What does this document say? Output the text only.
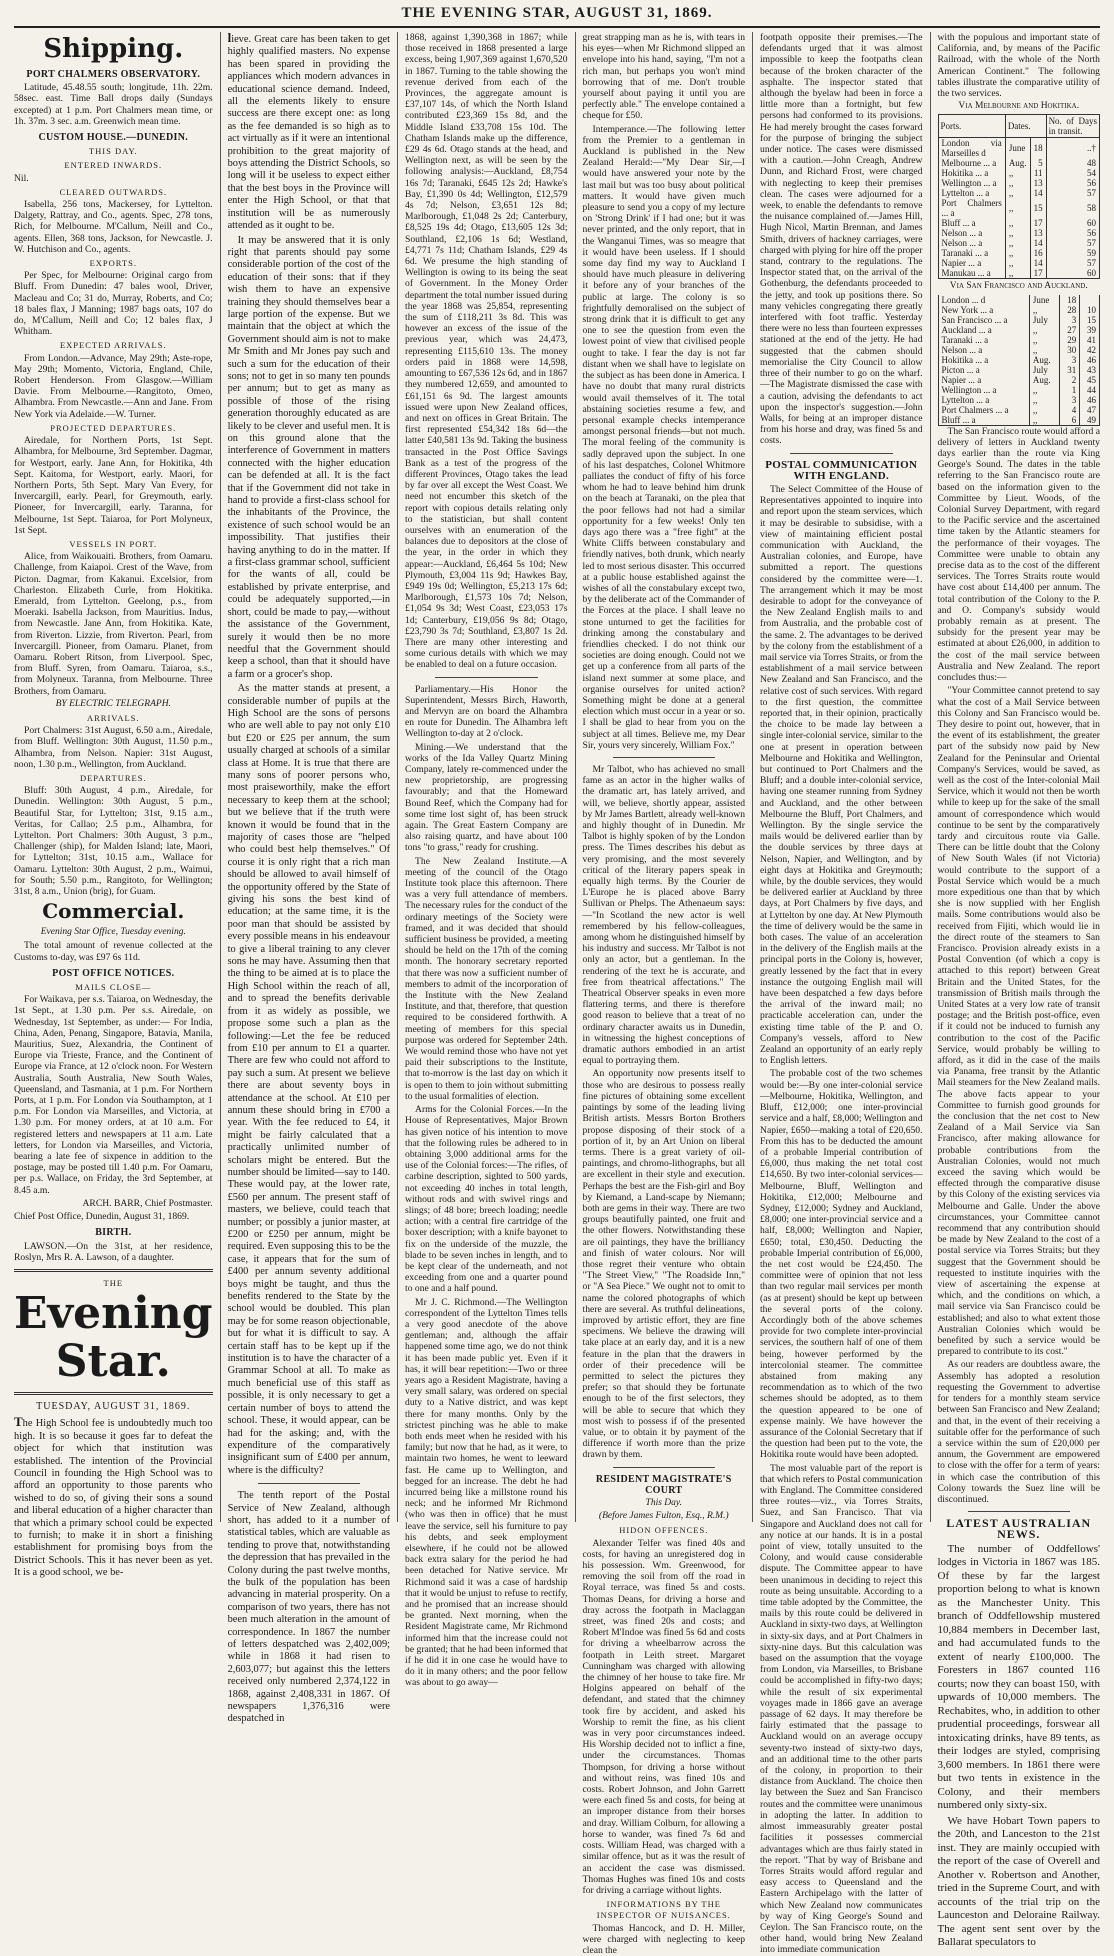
THE EVENING STAR, AUGUST 31, 1869.
Shipping.
PORT CHALMERS OBSERVATORY.

Latitude, 45.48.55 south; longitude, 11h. 22m. 58sec. east. Time Ball drops daily (Sundays excepted) at 1 p.m. Port Chalmers mean time, or 1h. 37m. 3 sec. a.m. Greenwich mean time.

CUSTOM HOUSE.—DUNEDIN.
THIS DAY.
ENTERED INWARDS.

Nil.

CLEARED OUTWARDS.

Isabella, 256 tons, Mackersey, for Lyttelton. Dalgety, Rattray, and Co., agents. Spec, 278 tons, Rich, for Melbourne. M'Callum, Neill and Co., agents. Ellen, 368 tons, Jackson, for Newcastle. J. W. Hutchison and Co., agents.

EXPORTS.

Per Spec, for Melbourne: Original cargo from Bluff. From Dunedin: 47 bales wool, Driver, Macleau and Co; 31 do, Murray, Roberts, and Co; 18 bales flax, J Manning; 1987 bags oats, 107 do do, M'Callum, Neill and Co; 12 bales flax, J Whitham.

EXPECTED ARRIVALS.

From London.—Advance, May 29th; Aste-rope, May 29th; Momento, Victoria, England, Chile, Robert Henderson. From Glasgow.—William Davie. From Melbourne.—Rangitoto, Omeo, Alhambra. From Newcastle.—Ann and Jane. From New York via Adelaide.—W. Turner.

PROJECTED DEPARTURES.

Airedale, for Northern Ports, 1st Sept. Alhambra, for Melbourne, 3rd September. Dagmar, for Westport, early. Jane Ann, for Hokitika, 4th Sept. Kaitoma, for Westport, early. Maori, for Northern Ports, 5th Sept. Mary Van Every, for Invercargill, early. Pearl, for Greymouth, early. Pioneer, for Invercargill, early. Taranna, for Melbourne, 1st Sept. Taiaroa, for Port Molyneux, 1st Sept.

VESSELS IN PORT.

Alice, from Waikouaiti. Brothers, from Oamaru. Challenge, from Kaiapoi. Crest of the Wave, from Picton. Dagmar, from Kakanui. Excelsior, from Charleston. Elizabeth Curle, from Hokitika. Emerald, from Lyttelton. Geelong, p.s., from Moeraki. Isabella Jackson, from Mauritius. Indus, from Newcastle. Jane Ann, from Hokitika. Kate, from Riverton. Lizzie, from Riverton. Pearl, from Invercargill. Pioneer, from Oamaru. Planet, from Oamaru. Robert Ritson, from Liverpool. Spec, from Bluff. Syren, from Oamaru. Taiaroa, s.s., from Molyneux. Taranna, from Melbourne. Three Brothers, from Oamaru.

BY ELECTRIC TELEGRAPH.
ARRIVALS.

Port Chalmers: 31st August, 6.50 a.m., Airedale, from Bluff. Wellington: 30th August, 11.50 p.m., Alhambra, from Nelson. Napier: 31st August, noon, 1.30 p.m., Wellington, from Auckland.

DEPARTURES.

Bluff: 30th August, 4 p.m., Airedale, for Dunedin. Wellington: 30th August, 5 p.m., Beautiful Star, for Lyttelton; 31st, 9.15 a.m., Veritas, for Callao; 2.5 p.m., Alhambra, for Lyttelton. Port Chalmers: 30th August, 3 p.m., Challenger (ship), for Malden Island; late, Maori, for Lyttelton; 31st, 10.15 a.m., Wallace for Oamaru. Lyttelton: 30th August, 2 p.m., Waimui, for South; 5.50 p.m., Rangitoto, for Wellington; 31st, 8 a.m., Union (brig), for Guam.

Commercial.
Evening Star Office, Tuesday evening.

The total amount of revenue collected at the Customs to-day, was £97 6s 11d.

POST OFFICE NOTICES.
MAILS CLOSE—

For Waikava, per s.s. Taiaroa, on Wednesday, the 1st Sept., at 1.30 p.m. Per s.s. Airedale, on Wednesday, 1st September, as under:— For India, China, Aden, Penang, Singapore, Batavia, Manila, Mauritius, Suez, Alexandria, the Continent of Europe via Trieste, France, and the Continent of Europe via France, at 12 o'clock noon. For Western Australia, South Australia, New South Wales, Queensland, and Tasmania, at 1 p.m. For Northern Ports, at 1 p.m. For London via Southampton, at 1 p.m. For London via Marseilles, and Victoria, at 1.30 p.m. For money orders, at at 10 a.m. For registered letters and newspapers at 11 a.m. Late letters, for London via Marseilles, and Victoria, bearing a late fee of sixpence in addition to the postage, may be posted till 1.40 p.m. For Oamaru, per p.s. Wallace, on Friday, the 3rd September, at 8.45 a.m.

ARCH. BARR, Chief Postmaster.

Chief Post Office, Dunedin, August 31, 1869.

BIRTH.

LAWSON.—On the 31st, at her residence, Roslyn, Mrs R. A. Lawson, of a daughter.

THE
Evening Star.
TUESDAY, AUGUST 31, 1869.

The High School fee is undoubtedly much too high. It is so because it goes far to defeat the object for which that institution was established. The intention of the Provincial Council in founding the High School was to afford an opportunity to those parents who wished to do so, of giving their sons a sound and liberal education of a higher character than that which a primary school could be expected to furnish; to make it in short a finishing establishment for promising boys from the District Schools. This it has never been as yet. It is a good school, we be-

lieve. Great care has been taken to get highly qualified masters. No expense has been spared in providing the appliances which modern advances in educational science demand. Indeed, all the elements likely to ensure success are there except one: as long as the fee demanded is so high as to act virtually as if it were an intentional prohibition to the great majority of boys attending the District Schools, so long will it be useless to expect either that the best boys in the Province will enter the High School, or that that institution will be as numerously attended as it ought to be.

It may be answered that it is only right that parents should pay some considerable portion of the cost of the education of their sons: that if they wish them to have an expensive training they should themselves bear a large portion of the expense. But we maintain that the object at which the Government should aim is not to make Mr Smith and Mr Jones pay such and such a sum for the education of their sons; not to get in so many ten pounds per annum; but to get as many as possible of those of the rising generation thoroughly educated as are likely to be clever and useful men. It is on this ground alone that the interference of Government in matters connected with the higher education can be defended at all. It is the fact that if the Government did not take in hand to provide a first-class school for the inhabitants of the Province, the existence of such school would be an impossibility. That justifies their having anything to do in the matter. If a first-class grammar school, sufficient for the wants of all, could be established by private enterprise, and could be adequately supported,—in short, could be made to pay,—without the assistance of the Government, surely it would then be no more needful that the Government should keep a school, than that it should have a farm or a grocer's shop.

As the matter stands at present, a considerable number of pupils at the High School are the sons of persons who are well able to pay not only £10 but £20 or £25 per annum, the sum usually charged at schools of a similar class at Home. It is true that there are many sons of poorer persons who, most praiseworthily, make the effort necessary to keep them at the school; but we believe that if the truth were known it would be found that in the majority of cases those are "helped who could best help themselves." Of course it is only right that a rich man should be allowed to avail himself of the opportunity offered by the State of giving his sons the best kind of education; at the same time, it is the poor man that should be assisted by every possible means in his endeavour to give a liberal training to any clever sons he may have. Assuming then that the thing to be aimed at is to place the High School within the reach of all, and to spread the benefits derivable from it as widely as possible, we propose some such a plan as the following:—Let the fee be reduced from £10 per annum to £1 a quarter. There are few who could not afford to pay such a sum. At present we believe there are about seventy boys in attendance at the school. At £10 per annum these should bring in £700 a year. With the fee reduced to £4, it might be fairly calculated that a practically unlimited number of scholars might be entered. But the number should be limited—say to 140. These would pay, at the lower rate, £560 per annum. The present staff of masters, we believe, could teach that number; or possibly a junior master, at £200 or £250 per annum, might be required. Even supposing this to be the case, it appears that for the sum of £400 per annum seventy additional boys might be taught, and thus the benefits rendered to the State by the school would be doubled. This plan may be for some reason objectionable, but for what it is difficult to say. A certain staff has to be kept up if the institution is to have the character of a Grammar School at all. To make as much beneficial use of this staff as possible, it is only necessary to get a certain number of boys to attend the school. These, it would appear, can be had for the asking; and, with the expenditure of the comparatively insignificant sum of £400 per annum, where is the difficulty?

The tenth report of the Postal Service of New Zealand, although short, has added to it a number of statistical tables, which are valuable as tending to prove that, notwithstanding the depression that has prevailed in the Colony during the past twelve months, the bulk of the population has been advancing in material prosperity. On a comparison of two years, there has not been much alteration in the amount of correspondence. In 1867 the number of letters despatched was 2,402,009; while in 1868 it had risen to 2,603,077; but against this the letters received only numbered 2,374,122 in 1868, against 2,408,331 in 1867. Of newspapers 1,376,316 were despatched in

1868, against 1,390,368 in 1867; while those received in 1868 presented a large excess, being 1,907,369 against 1,670,520 in 1867. Turning to the table showing the revenue derived from each of the Provinces, the aggregate amount is £37,107 14s, of which the North Island contributed £23,369 15s 8d, and the Middle Island £33,708 15s 10d. The Chatham Islands make up the difference, £29 4s 6d. Otago stands at the head, and Wellington next, as will be seen by the following analysis:—Auckland, £8,754 16s 7d; Taranaki, £645 12s 2d; Hawke's Bay, £1,390 0s 4d; Wellington, £12,579 4s 7d; Nelson, £3,651 12s 8d; Marlborough, £1,048 2s 2d; Canterbury, £8,525 19s 4d; Otago, £13,605 12s 3d; Southland, £2,106 1s 6d; Westland, £4,771 7s 11d; Chatham Islands, £29 4s 6d. We presume the high standing of Wellington is owing to its being the seat of Government. In the Money Order department the total number issued during the year 1868 was 25,854, representing the sum of £118,211 3s 8d. This was however an excess of the issue of the previous year, which was 24,473, representing £115,610 13s. The money orders paid in 1868 were 14,598, amounting to £67,536 12s 6d, and in 1867 they numbered 12,659, and amounted to £61,151 6s 9d. The largest amounts issued were upon New Zealand offices, and next on offices in Great Britain. The first represented £54,342 18s 6d—the latter £40,581 13s 9d. Taking the business transacted in the Post Office Savings Bank as a test of the progress of the different Provinces, Otago takes the lead by far over all except the West Coast. We need not encumber this sketch of the report with copious details relating only to the statistician, but shall content ourselves with an enumeration of the balances due to depositors at the close of the year, in the order in which they appear:—Auckland, £6,464 5s 10d; New Plymouth, £3,004 11s 9d; Hawkes Bay, £949 19s 0d; Wellington, £5,213 17s 6d; Marlborough, £1,573 10s 7d; Nelson, £1,054 9s 3d; West Coast, £23,053 17s 1d; Canterbury, £19,056 9s 8d; Otago, £23,790 3s 7d; Southland, £3,807 1s 2d. There are many other interesting and some curious details with which we may be enabled to deal on a future occasion.

Parliamentary.—His Honor the Superintendent, Messrs Birch, Haworth, and Mervyn are on board the Alhambra en route for Dunedin. The Alhambra left Wellington to-day at 2 o'clock.

Mining.—We understand that the works of the Ida Valley Quartz Mining Company, lately re-commenced under the new proprietorship, are progressing favourably; and that the Homeward Bound Reef, which the Company had for some time lost sight of, has been struck again. The Great Eastern Company are also raising quartz, and have about 100 tons "to grass," ready for crushing.

The New Zealand Institute.—A meeting of the council of the Otago Institute took place this afternoon. There was a very full attendance of members. The necessary rules for the conduct of the ordinary meetings of the Society were framed, and it was decided that should sufficient business be provided, a meeting should be held on the 17th of the coming month. The honorary secretary reported that there was now a sufficient number of members to admit of the incorporation of the Institute with the New Zealand Institute, and that, therefore, that question required to be considered forthwith. A meeting of members for this special purpose was ordered for September 24th. We would remind those who have not yet paid their subscriptions to the Institute, that to-morrow is the last day on which it is open to them to join without submitting to the usual formalities of election.

Arms for the Colonial Forces.—In the House of Representatives, Major Brown has given notice of his intention to move that the following rules be adhered to in obtaining 3,000 additional arms for the use of the Colonial forces:—The rifles, of carbine description, sighted to 500 yards, not exceeding 40 inches in total length, without rods and with swivel rings and slings; of 48 bore; breech loading; needle action; with a central fire cartridge of the boxer description; with a knife bayonet to fix on the underside of the muzzle, the blade to be seven inches in length, and to be kept clear of the underneath, and not exceeding from one and a quarter pound to one and a half pound.

Mr J. C. Richmond.—The Wellington correspondent of the Lyttelton Times tells a very good anecdote of the above gentleman; and, although the affair happened some time ago, we do not think it has been made public yet. Even if it has, it will bear repetition:—Two or three years ago a Resident Magistrate, having a very small salary, was ordered on special duty to a Native district, and was kept there for many months. Only by the strictest pinching was he able to make both ends meet when he resided with his family; but now that he had, as it were, to maintain two homes, he went to leeward fast. He came up to Wellington, and begged for an increase. The debt he had incurred being like a millstone round his neck; and he informed Mr Richmond (who was then in office) that he must leave the service, sell his furniture to pay his debts, and seek employment elsewhere, if he could not be allowed back extra salary for the period he had been detached for Native service. Mr Richmond said it was a case of hardship that it would be unjust to refuse to rectify, and he promised that an increase should be granted. Next morning, when the Resident Magistrate came, Mr Richmond informed him that the increase could not be granted; that he had been informed that if he did it in one case he would have to do it in many others; and the poor fellow was about to go away—

great strapping man as he is, with tears in his eyes—when Mr Richmond slipped an envelope into his hand, saying, "I'm not a rich man, but perhaps you won't mind borrowing that of me. Don't trouble yourself about paying it until you are perfectly able." The envelope contained a cheque for £50.

Intemperance.—The following letter from the Premier to a gentleman in Auckland is published in the New Zealand Herald:—"My Dear Sir,—I would have answered your note by the last mail but was too busy about political matters. It would have given much pleasure to send you a copy of my lecture on 'Strong Drink' if I had one; but it was never printed, and the only report, that in the Wanganui Times, was so meagre that it would have been useless. If I should some day find my way to Auckland I should have much pleasure in delivering it before any of your branches of the public at large. The colony is so frightfully demoralised on the subject of strong drink that it is difficult to get any one to see the question from even the lowest point of view that civilised people ought to take. I fear the day is not far distant when we shall have to legislate on the subject as has been done in America. I have no doubt that many rural districts would avail themselves of it. The total abstaining societies resume a few, and personal example checks intemperance amongst personal friends—but not much. The moral feeling of the community is sadly depraved upon the subject. In one of his last despatches, Colonel Whitmore palliates the conduct of fifty of his force whom he had to leave behind him drunk on the beach at Taranaki, on the plea that the poor fellows had not had a similar opportunity for a few weeks! Only ten days ago there was a "free fight" at the White Cliffs between constabulary and friendly natives, both drunk, which nearly led to most serious disaster. This occurred at a public house established against the wishes of all the constabulary except two, by the deliberate act of the Commander of the Forces at the place. I shall leave no stone unturned to get the facilities for drinking among the constabulary and friendlies checked. I do not think our societies are doing enough. Could not we get up a conference from all parts of the island next summer at some place, and organise ourselves for united action? Something might be done at a general election which must occur in a year or so. I shall be glad to hear from you on the subject at all times. Believe me, my Dear Sir, yours very sincerely, William Fox."

Mr Talbot, who has achieved no small fame as an actor in the higher walks of the dramatic art, has lately arrived, and will, we believe, shortly appear, assisted by Mr James Bartlett, already well-known and highly thought of in Dunedin. Mr Talbot is highly spoken of by the London press. The Times describes his debut as very promising, and the most severely critical of the literary papers speak in equally high terms. By the Courier de L'Europe he is placed above Barry Sullivan or Phelps. The Athenaeum says:—"In Scotland the new actor is well remembered by his fellow-colleagues, among whom he distinguished himself by his industry and success. Mr Talbot is not only an actor, but a gentleman. In the rendering of the text he is accurate, and free from theatrical affectations." The Theatrical Observer speaks in even more flattering terms, and there is therefore good reason to believe that a treat of no ordinary character awaits us in Dunedin, in witnessing the highest conceptions of dramatic authors embodied in an artist equal to portraying them.

An opportunity now presents itself to those who are desirous to possess really fine pictures of obtaining some excellent paintings by some of the leading living British artists. Messrs Borton Brothers propose disposing of their stock of a portion of it, by an Art Union on liberal terms. There is a great variety of oil-paintings, and chromo-lithographs, but all are excellent in their style and execution. Perhaps the best are the Fish-girl and Boy by Kiemand, a Land-scape by Niemann; both are gems in their way. There are two groups beautifully painted, one fruit and the other flowers. Notwithstanding these are oil paintings, they have the brilliancy and finish of water colours. Nor will those regret their venture who obtain "The Street View," "The Roadside Inn," or "A Sea Piece." We ought not to omit to name the colored photographs of which there are several. As truthful delineations, improved by artistic effort, they are fine specimens. We believe the drawing will take place at an early day, and it is a new feature in the plan that the drawers in order of their precedence will be permitted to select the pictures they prefer; so that should they be fortunate enough to be of the first selectors, they will be able to secure that which they most wish to possess if of the presented value, or to obtain it by payment of the difference if worth more than the prize drawn by them.

RESIDENT MAGISTRATE'S COURT
This Day.
(Before James Fulton, Esq., R.M.)
HIDON OFFENCES.

Alexander Telfer was fined 40s and costs, for having an unregistered dog in his possession. Wm. Greenwood, for removing the soil from off the road in Royal terrace, was fined 5s and costs. Thomas Deans, for driving a horse and dray across the footpath in Maclaggan street, was fined 20s and costs; and Robert M'Indoe was fined 5s 6d and costs for driving a wheelbarrow across the footpath in Leith street. Margaret Cunningham was charged with allowing the chimney of her house to take fire. Mr Holgins appeared on behalf of the defendant, and stated that the chimney took fire by accident, and asked his Worship to remit the fine, as his client was in very poor circumstances indeed. His Worship decided not to inflict a fine, under the circumstances. Thomas Thompson, for driving a horse without and without reins, was fined 10s and costs. Robert Johnson, and John Garrett were each fined 5s and costs, for being at an improper distance from their horses and dray. William Colburn, for allowing a horse to wander, was fined 7s 6d and costs. William Head, was charged with a similar offence, but as it was the result of an accident the case was dismissed. Thomas Hughes was fined 10s and costs for driving a carriage without lights.

INFORMATIONS BY THE INSPECTOR OF NUISANCES.

Thomas Hancock, and D. H. Miller, were charged with neglecting to keep clean the

footpath opposite their premises.—The defendants urged that it was almost impossible to keep the footpaths clean because of the broken character of the asphalte. The inspector stated that although the byelaw had been in force a little more than a fortnight, but few persons had conformed to its provisions. He had merely brought the cases forward for the purpose of bringing the subject under notice. The cases were dismissed with a caution.—John Creagh, Andrew Dunn, and Richard Frost, were charged with neglecting to keep their premises clean. The cases were adjourned for a week, to enable the defendants to remove the nuisance complained of.—James Hill, Hugh Nicol, Martin Brennan, and James Smith, drivers of hackney carriages, were charged with plying for hire off the proper stand, contrary to the regulations. The Inspector stated that, on the arrival of the Gothenburg, the defendants proceeded to the jetty, and took up positions there. So many vehicles congregating there greatly interfered with foot traffic. Yesterday there were no less than fourteen expresses stationed at the end of the jetty. He had suggested that the cabmen should memorialise the City Council to allow three of their number to go on the wharf.—The Magistrate dismissed the case with a caution, advising the defendants to act upon the inspector's suggestion.—John Walls, for being at an improper distance from his horse and dray, was fined 5s and costs.

POSTAL COMMUNICATION WITH ENGLAND.

The Select Committee of the House of Representatives appointed to inquire into and report upon the steam services, which it may be desirable to subsidise, with a view of maintaining efficient postal communication with Auckland, the Australian colonies, and Europe, have submitted a report. The questions considered by the committee were—1. The arrangement which it may be most desirable to adopt for the conveyance of the New Zealand English mails to and from Australia, and the probable cost of the same. 2. The advantages to be derived by the colony from the establishment of a mail service via Torres Straits, or from the establishment of a mail service between New Zealand and San Francisco, and the relative cost of such services. With regard to the first question, the committee reported that, in their opinion, practically the choice to be made lay between a single inter-colonial service, similar to the one at present in operation between Melbourne and Hokitika and Wellington, but continued to Port Chalmers and the Bluff; and a double inter-colonial service, having one steamer running from Sydney and Auckland, and the other between Melbourne the Bluff, Port Chalmers, and Wellington. By the single service the mails would be delivered earlier than by the double services by three days at Nelson, Napier, and Wellington, and by eight days at Hokitika and Greymouth; while, by the double services, they would be delivered earlier at Auckland by three days, at Port Chalmers by five days, and at Lyttelton by one day. At New Plymouth the time of delivery would be the same in both cases. The value of an acceleration in the delivery of the English mails at the principal ports in the Colony is, however, greatly lessened by the fact that in every instance the outgoing English mail will have been despatched a few days before the arrival of the inward mail; no practicable acceleration can, under the existing time table of the P. and O. Company's vessels, afford to New Zealand an opportunity of an early reply to English letters.

The probable cost of the two schemes would be:—By one inter-colonial service—Melbourne, Hokitika, Wellington, and Bluff, £12,000; one inter-provincial service and a half, £8,000; Wellington and Napier, £650—making a total of £20,650. From this has to be deducted the amount of a probable Imperial contribution of £6,000, thus making the net total cost £14,650. By two inter-colonial services—Melbourne, Bluff, Wellington and Hokitika, £12,000; Melbourne and Sydney, £12,000; Sydney and Auckland, £8,000; one inter-provincial service and a half, £8,000; Wellington and Napier, £650; total, £30,450. Deducting the probable Imperial contribution of £6,000, the net cost would be £24,450. The committee were of opinion that not less than two regular mail services per month (as at present) should be kept up between the several ports of the colony. Accordingly both of the above schemes provide for two complete inter-provincial services, the southern half of one of them being, however performed by the intercolonial steamer. The committee abstained from making any recommendation as to which of the two schemes should be adopted, as to them the question appeared to be one of expense mainly. We have however the assurance of the Colonial Secretary that if the question had been put to the vote, the Hokitika route would have been adopted.

The most valuable part of the report is that which refers to Postal communication with England. The Committee considered three routes—viz., via Torres Straits, Suez, and San Francisco. That via Singapore and Auckland does not call for any notice at our hands. It is in a postal point of view, totally unsuited to the Colony, and would cause considerable dispute. The Committee appear to have been unanimous in deciding to reject this route as being unsuitable. According to a time table adopted by the Committee, the mails by this route could be delivered in Auckland in sixty-two days, at Wellington in sixty-six days, and at Port Chalmers in sixty-nine days. But this calculation was based on the assumption that the voyage from London, via Marseilles, to Brisbane could be accomplished in fifty-two days; while the result of six experimental voyages made in 1866 gave an average passage of 62 days. It may therefore be fairly estimated that the passage to Auckland would on an average occupy seventy-two instead of sixty-two days, and an additional time to the other parts of the colony, in proportion to their distance from Auckland. The choice then lay between the Suez and San Francisco routes and the committee were unanimous in adopting the latter. In addition to almost immeasurably greater postal facilities it possesses commercial advantages which are thus fairly stated in the report. "That by way of Brisbane and Torres Straits would afford regular and easy access to Queensland and the Eastern Archipelago with the latter of which New Zealand now communicates by way of King George's Sound and Ceylon. The San Francisco route, on the other hand, would bring New Zealand into immediate communication

with the populous and important state of California, and, by means of the Pacific Railroad, with the whole of the North American Continent." The following tables illustrate the comparative utility of the two services.

Via Melbourne and Hokitika.
Ports.	Dates.		No. of Days in transit.
London via Marseilles d	June	18	..†
Melbourne ... a	Aug.	5	48
Hokitika ... a	,,	11	54
Wellington ... a	,,	13	56
Lyttelton ... a	,,	14	57
Port Chalmers ... a	,,	15	58
Bluff ... a	,,	17	60
Nelson ... a	,,	13	56
Nelson ... a	,,	14	57
Taranaki ... a	,,	16	59
Napier ... a	,,	14	57
Manukau ... a	,,	17	60
Via San Francisco and Auckland.
London ... d	June	18	
New York ... a	,,	28	10
San Francisco ... a	July	3	15
Auckland ... a	,,	27	39
Taranaki ... a	,,	29	41
Nelson ... a	,,	30	42
Hokitika ... a	Aug.	3	46
Picton ... a	July	31	43
Napier ... a	Aug.	2	45
Wellington ... a	,,	1	44
Lyttelton ... a	,,	3	46
Port Chalmers ... a	,,	4	47
Bluff ... a	,,	6	49

The San Francisco route would afford a delivery of letters in Auckland twenty days earlier than the route via King George's Sound. The dates in the table referring to the San Francisco route are based on the information given to the Committee by Lieut. Woods, of the Colonial Survey Department, with regard to the Pacific service and the ascertained time taken by the Atlantic steamers for the performance of their voyages. The Committee were unable to obtain any precise data as to the cost of the different services. The Torres Straits route would have cost about £14,400 per annum. The total contribution of the Colony to the P. and O. Company's subsidy would probably remain as at present. The subsidy for the present year may be estimated at about £26,000, in addition to the cost of the mail service between Australia and New Zealand. The report concludes thus:—

"Your Committee cannot pretend to say what the cost of a Mail Service between this Colony and San Francisco would be. They desire to point out, however, that in the event of its establishment, the greater part of the subsidy now paid by New Zealand for the Peninsular and Oriental Company's Services, would be saved, as well as the cost of the Inter-colonial Mail Service, which it would not then be worth while to keep up for the sake of the small amount of correspondence which would continue to be sent by the comparatively tardy and circuitous route via Galle. There can be little doubt that the Colony of New South Wales (if not Victoria) would contribute to the support of a Postal Service which would be a much more expeditious one than that by which she is now supplied with her English mails. Some contributions would also be received from Fijiti, which would lie in the direct route of the steamers to San Francisco. Provision already exists in a Postal Convention (of which a copy is attached to this report) between Great Britain and the United States, for the transmission of British mails through the United States at a very low rate of transit postage; and the British post-office, even if it could not be induced to furnish any contribution to the cost of the Pacific Service, would probably be willing to afford, as it did in the case of the mails via Panama, free transit by the Atlantic Mail steamers for the New Zealand mails. The above facts appear to your Committee to furnish good grounds for the conclusion that the net cost to New Zealand of a Mail Service via San Francisco, after making allowance for probable contributions from the Australian Colonies, would not much exceed the saving which would be effected through the comparative disuse by this Colony of the existing services via Melbourne and Galle. Under the above circumstances, your Committee cannot recommend that any contribution should be made by New Zealand to the cost of a postal service via Torres Straits; but they suggest that the Government should be requested to institute inquiries with the view of ascertaining the expense at which, and the conditions on which, a mail service via San Francisco could be established; and also to what extent those Australian Colonies which would be benefited by such a service would be prepared to contribute to its cost."

As our readers are doubtless aware, the Assembly has adopted a resolution requesting the Government to advertise for tenders for a monthly steam service between San Francisco and New Zealand; and that, in the event of their receiving a suitable offer for the performance of such a service within the sum of £20,000 per annum, the Government are empowered to close with the offer for a term of years: in which case the contribution of this Colony towards the Suez line will be discontinued.

LATEST AUSTRALIAN NEWS.

The number of Oddfellows' lodges in Victoria in 1867 was 185. Of these by far the largest proportion belong to what is known as the Manchester Unity. This branch of Oddfellowship mustered 10,884 members in December last, and had accumulated funds to the extent of nearly £100,000. The Foresters in 1867 counted 116 courts; now they can boast 150, with upwards of 10,000 members. The Rechabites, who, in addition to other prudential proceedings, forswear all intoxicating drinks, have 89 tents, as their lodges are styled, comprising 3,600 members. In 1861 there were but two tents in existence in the Colony, and their members numbered only sixty-six.

We have Hobart Town papers to the 20th, and Lanceston to the 21st inst. They are mainly occupied with the report of the case of Overell and Another v. Robertson and Another, tried in the Supreme Court, and with accounts of the trial trip on the Launceston and Deloraine Railway. The agent sent sent over by the Ballarat speculators to
